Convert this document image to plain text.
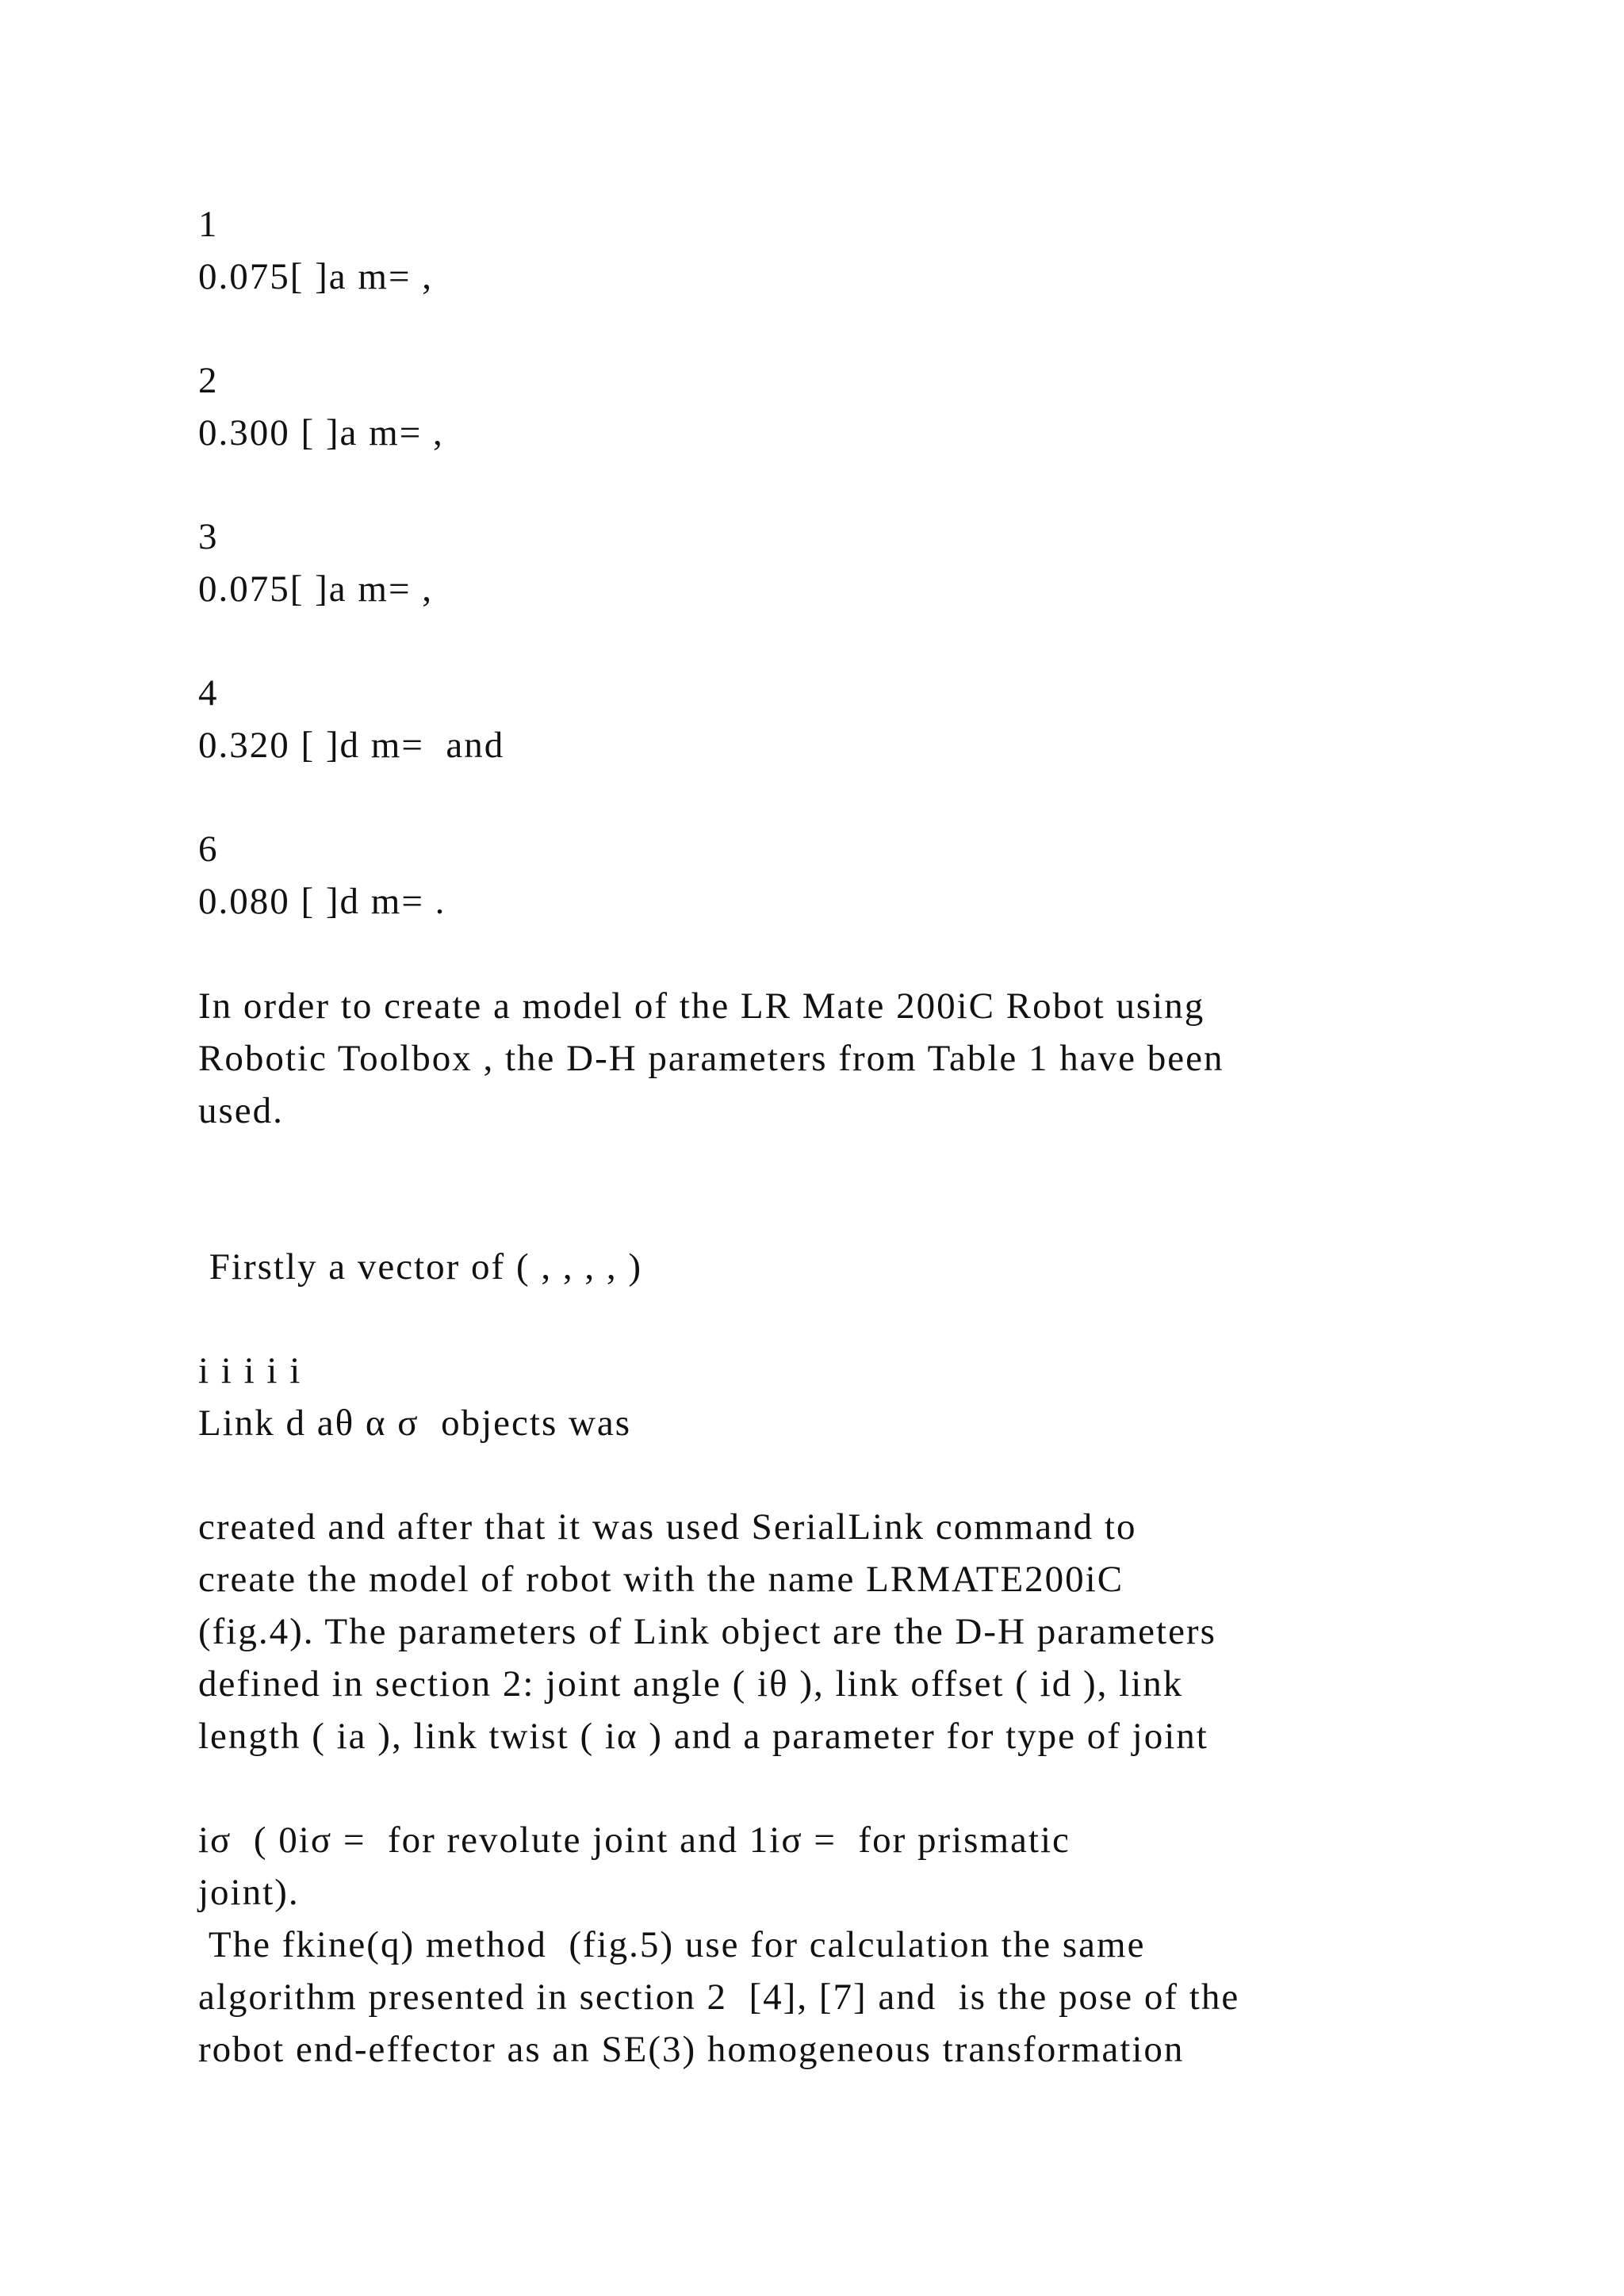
1

0.075[ ]a m= ,

2

0.300 [ ]a m= ,

3

0.075[ ]a m= ,

4

0.320 [ ]d m=  and

6

0.080 [ ]d m= .

In order to create a model of the LR Mate 200iC Robot using

Robotic Toolbox , the D-H parameters from Table 1 have been

used.

Firstly a vector of ( , , , , )

i i i i i

Link d aθ α σ  objects was

created and after that it was used SerialLink command to

create the model of robot with the name LRMATE200iC

(fig.4). The parameters of Link object are the D-H parameters

defined in section 2: joint angle ( iθ ), link offset ( id ), link

length ( ia ), link twist ( iα ) and a parameter for type of joint

iσ  ( 0iσ =  for revolute joint and 1iσ =  for prismatic

joint).

The fkine(q) method  (fig.5) use for calculation the same

algorithm presented in section 2  [4], [7] and  is the pose of the

robot end-effector as an SE(3) homogeneous transformation
